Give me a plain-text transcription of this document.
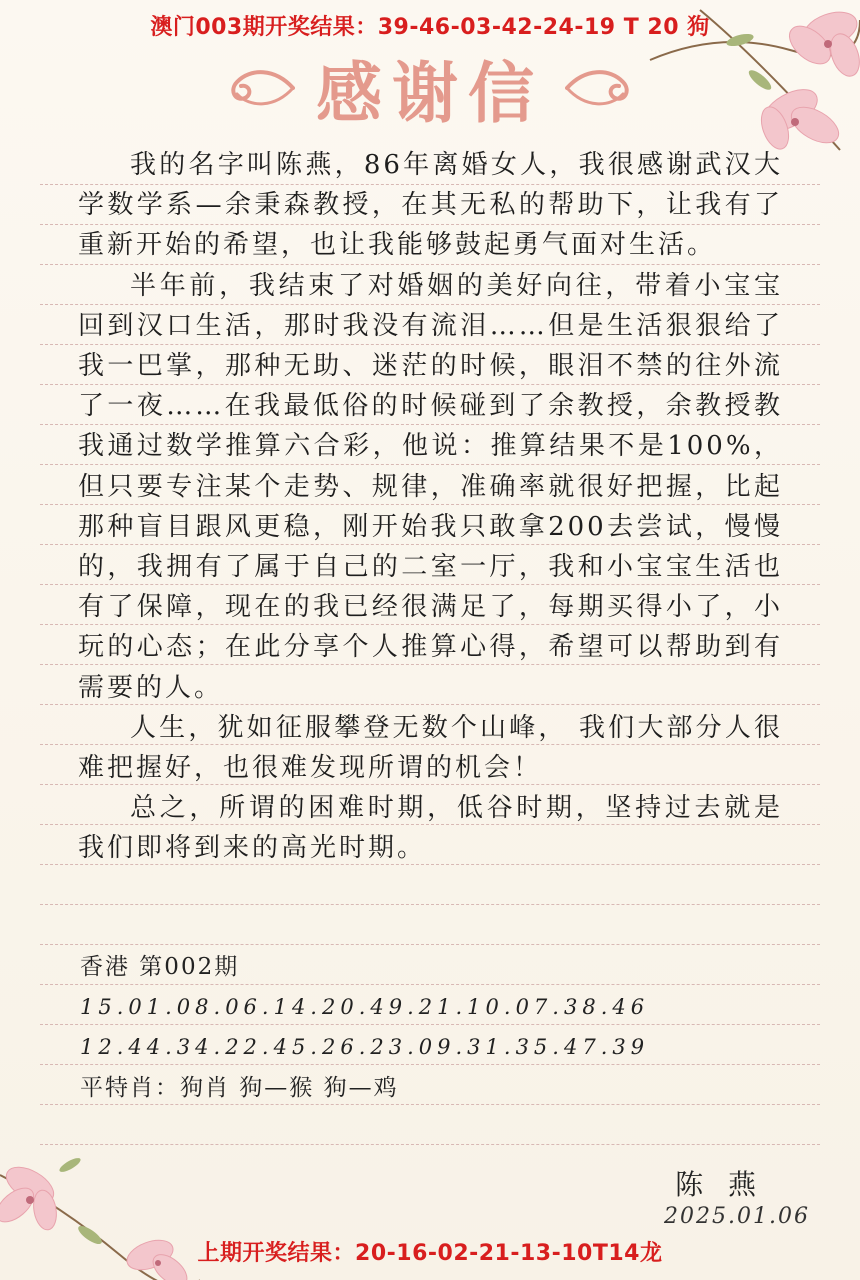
澳门003期开奖结果：39-46-03-42-24-19 T 20 狗
感谢信

我的名字叫陈燕，86年离婚女人，我很感谢武汉大学数学系—余秉森教授，在其无私的帮助下，让我有了重新开始的希望，也让我能够鼓起勇气面对生活。

半年前，我结束了对婚姻的美好向往，带着小宝宝回到汉口生活，那时我没有流泪……但是生活狠狠给了我一巴掌，那种无助、迷茫的时候，眼泪不禁的往外流了一夜……在我最低俗的时候碰到了余教授，余教授教我通过数学推算六合彩，他说：推算结果不是100%，但只要专注某个走势、规律，准确率就很好把握，比起那种盲目跟风更稳，刚开始我只敢拿200去尝试，慢慢的，我拥有了属于自己的二室一厅，我和小宝宝生活也有了保障，现在的我已经很满足了，每期买得小了，小玩的心态；在此分享个人推算心得，希望可以帮助到有需要的人。

人生，犹如征服攀登无数个山峰， 我们大部分人很难把握好，也很难发现所谓的机会！

总之，所谓的困难时期，低谷时期，坚持过去就是我们即将到来的高光时期。

香港 第002期
15.01.08.06.14.20.49.21.10.07.38.46
12.44.34.22.45.26.23.09.31.35.47.39
平特肖：狗肖 狗—猴 狗—鸡
陈 燕
2025.01.06
上期开奖结果：20-16-02-21-13-10T14龙
